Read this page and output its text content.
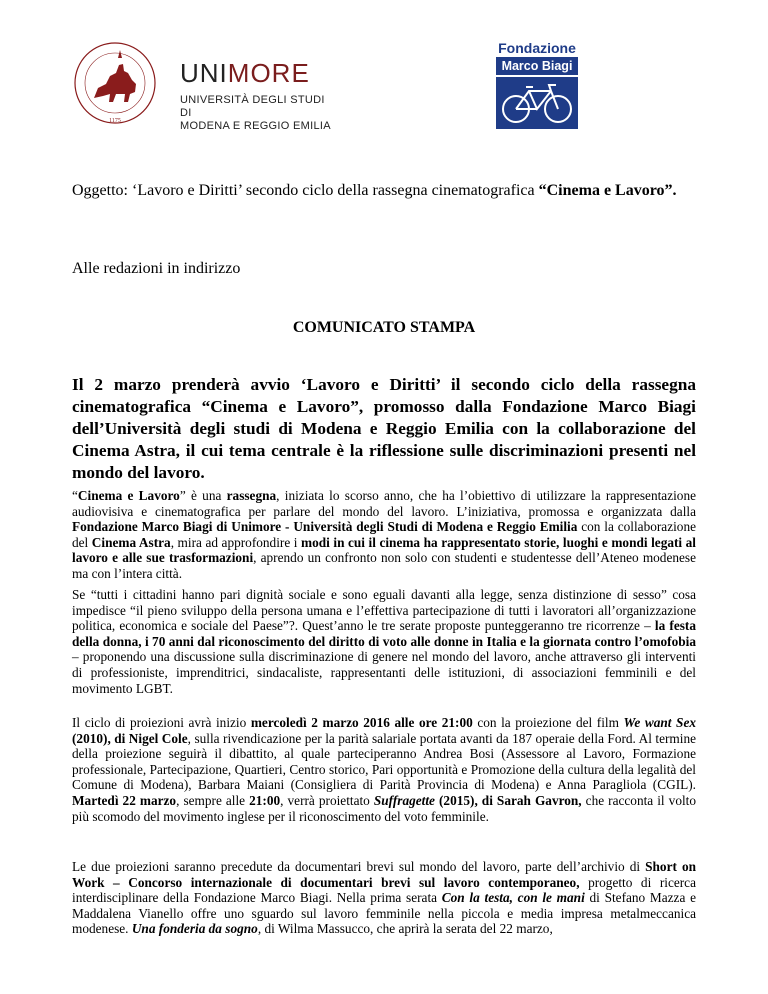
1175
UNIMORE
UNIVERSITÀ DEGLI STUDI DI
MODENA E REGGIO EMILIA
Fondazione
Marco Biagi
Oggetto: ‘Lavoro e Diritti’ secondo ciclo della rassegna cinematografica “Cinema e Lavoro”.
Alle redazioni in indirizzo
COMUNICATO STAMPA
Il 2 marzo prenderà avvio ‘Lavoro e Diritti’ il secondo ciclo della rassegna cinematografica “Cinema e Lavoro”, promosso dalla Fondazione Marco Biagi dell’Università degli studi di Modena e Reggio Emilia con la collaborazione del Cinema Astra, il cui tema centrale è la riflessione sulle discriminazioni presenti nel mondo del lavoro.
“Cinema e Lavoro” è una rassegna, iniziata lo scorso anno, che ha l’obiettivo di utilizzare la rappresentazione audiovisiva e cinematografica per parlare del mondo del lavoro. L’iniziativa, promossa e organizzata dalla Fondazione Marco Biagi di Unimore - Università degli Studi di Modena e Reggio Emilia con la collaborazione del Cinema Astra, mira ad approfondire i modi in cui il cinema ha rappresentato storie, luoghi e mondi legati al lavoro e alle sue trasformazioni, aprendo un confronto non solo con studenti e studentesse dell’Ateneo modenese ma con l’intera città.
Se “tutti i cittadini hanno pari dignità sociale e sono eguali davanti alla legge, senza distinzione di sesso” cosa impedisce “il pieno sviluppo della persona umana e l’effettiva partecipazione di tutti i lavoratori all’organizzazione politica, economica e sociale del Paese”?. Quest’anno le tre serate proposte punteggeranno tre ricorrenze – la festa della donna, i 70 anni dal riconoscimento del diritto di voto alle donne in Italia e la giornata contro l’omofobia – proponendo una discussione sulla discriminazione di genere nel mondo del lavoro, anche attraverso gli interventi di professioniste, imprenditrici, sindacaliste, rappresentanti delle istituzioni, di associazioni femminili e del movimento LGBT.
Il ciclo di proiezioni avrà inizio mercoledì 2 marzo 2016 alle ore 21:00 con la proiezione del film We want Sex (2010), di Nigel Cole, sulla rivendicazione per la parità salariale portata avanti da 187 operaie della Ford. Al termine della proiezione seguirà il dibattito, al quale parteciperanno Andrea Bosi (Assessore al Lavoro, Formazione professionale, Partecipazione, Quartieri, Centro storico, Pari opportunità e Promozione della cultura della legalità del Comune di Modena), Barbara Maiani (Consigliera di Parità Provincia di Modena) e Anna Paragliola (CGIL). Martedì 22 marzo, sempre alle 21:00, verrà proiettato Suffragette (2015), di Sarah Gavron, che racconta il volto più scomodo del movimento inglese per il riconoscimento del voto femminile.
Le due proiezioni saranno precedute da documentari brevi sul mondo del lavoro, parte dell’archivio di Short on Work – Concorso internazionale di documentari brevi sul lavoro contemporaneo, progetto di ricerca interdisciplinare della Fondazione Marco Biagi. Nella prima serata Con la testa, con le mani di Stefano Mazza e Maddalena Vianello offre uno sguardo sul lavoro femminile nella piccola e media impresa metalmeccanica modenese. Una fonderia da sogno, di Wilma Massucco, che aprirà la serata del 22 marzo,
